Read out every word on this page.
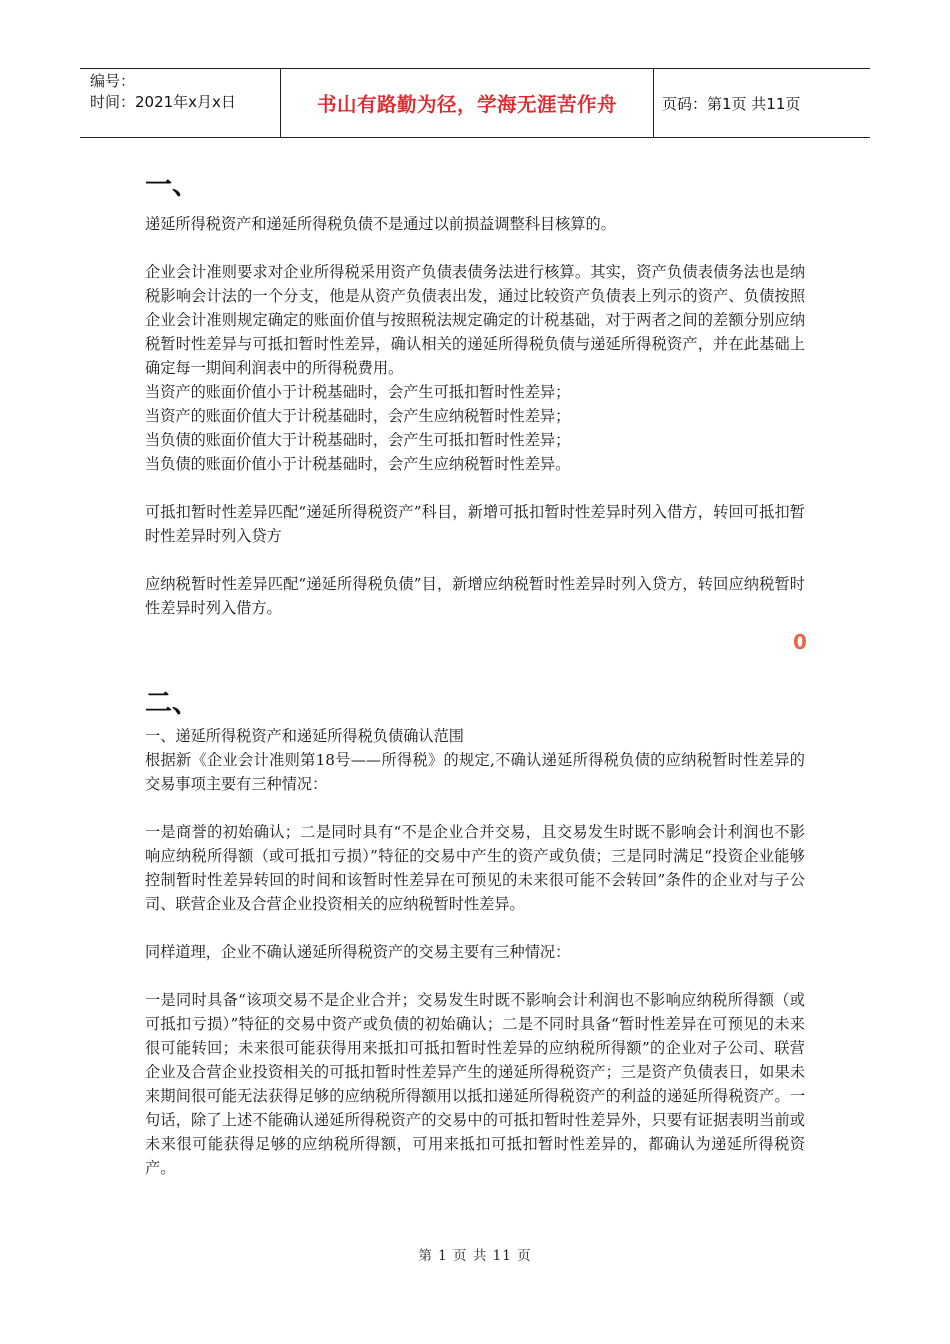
编号：
时间：2021年x月x日	书山有路勤为径，学海无涯苦作舟	页码：第1页 共11页
一、

递延所得税资产和递延所得税负债不是通过以前损益调整科目核算的。

企业会计准则要求对企业所得税采用资产负债表债务法进行核算。其实，资产负债表债务法也是纳税影响会计法的一个分支，他是从资产负债表出发，通过比较资产负债表上列示的资产、负债按照企业会计准则规定确定的账面价值与按照税法规定确定的计税基础，对于两者之间的差额分别应纳税暂时性差异与可抵扣暂时性差异，确认相关的递延所得税负债与递延所得税资产，并在此基础上确定每一期间利润表中的所得税费用。

当资产的账面价值小于计税基础时，会产生可抵扣暂时性差异；

当资产的账面价值大于计税基础时，会产生应纳税暂时性差异；

当负债的账面价值大于计税基础时，会产生可抵扣暂时性差异；

当负债的账面价值小于计税基础时，会产生应纳税暂时性差异。

可抵扣暂时性差异匹配“递延所得税资产”科目，新增可抵扣暂时性差异时列入借方，转回可抵扣暂时性差异时列入贷方

应纳税暂时性差异匹配“递延所得税负债”目，新增应纳税暂时性差异时列入贷方，转回应纳税暂时性差异时列入借方。

二、

一、递延所得税资产和递延所得税负债确认范围

根据新《企业会计准则第18号——所得税》的规定,不确认递延所得税负债的应纳税暂时性差异的交易事项主要有三种情况：

一是商誉的初始确认；二是同时具有“不是企业合并交易，且交易发生时既不影响会计利润也不影响应纳税所得额（或可抵扣亏损）”特征的交易中产生的资产或负债；三是同时满足“投资企业能够控制暂时性差异转回的时间和该暂时性差异在可预见的未来很可能不会转回”条件的企业对与子公司、联营企业及合营企业投资相关的应纳税暂时性差异。

同样道理，企业不确认递延所得税资产的交易主要有三种情况：

一是同时具备“该项交易不是企业合并；交易发生时既不影响会计利润也不影响应纳税所得额（或可抵扣亏损）”特征的交易中资产或负债的初始确认；二是不同时具备“暂时性差异在可预见的未来很可能转回；未来很可能获得用来抵扣可抵扣暂时性差异的应纳税所得额”的企业对子公司、联营企业及合营企业投资相关的可抵扣暂时性差异产生的递延所得税资产；三是资产负债表日，如果未来期间很可能无法获得足够的应纳税所得额用以抵扣递延所得税资产的利益的递延所得税资产。一句话，除了上述不能确认递延所得税资产的交易中的可抵扣暂时性差异外，只要有证据表明当前或未来很可能获得足够的应纳税所得额，可用来抵扣可抵扣暂时性差异的，都确认为递延所得税资产。

0
第 1 页 共 11 页
